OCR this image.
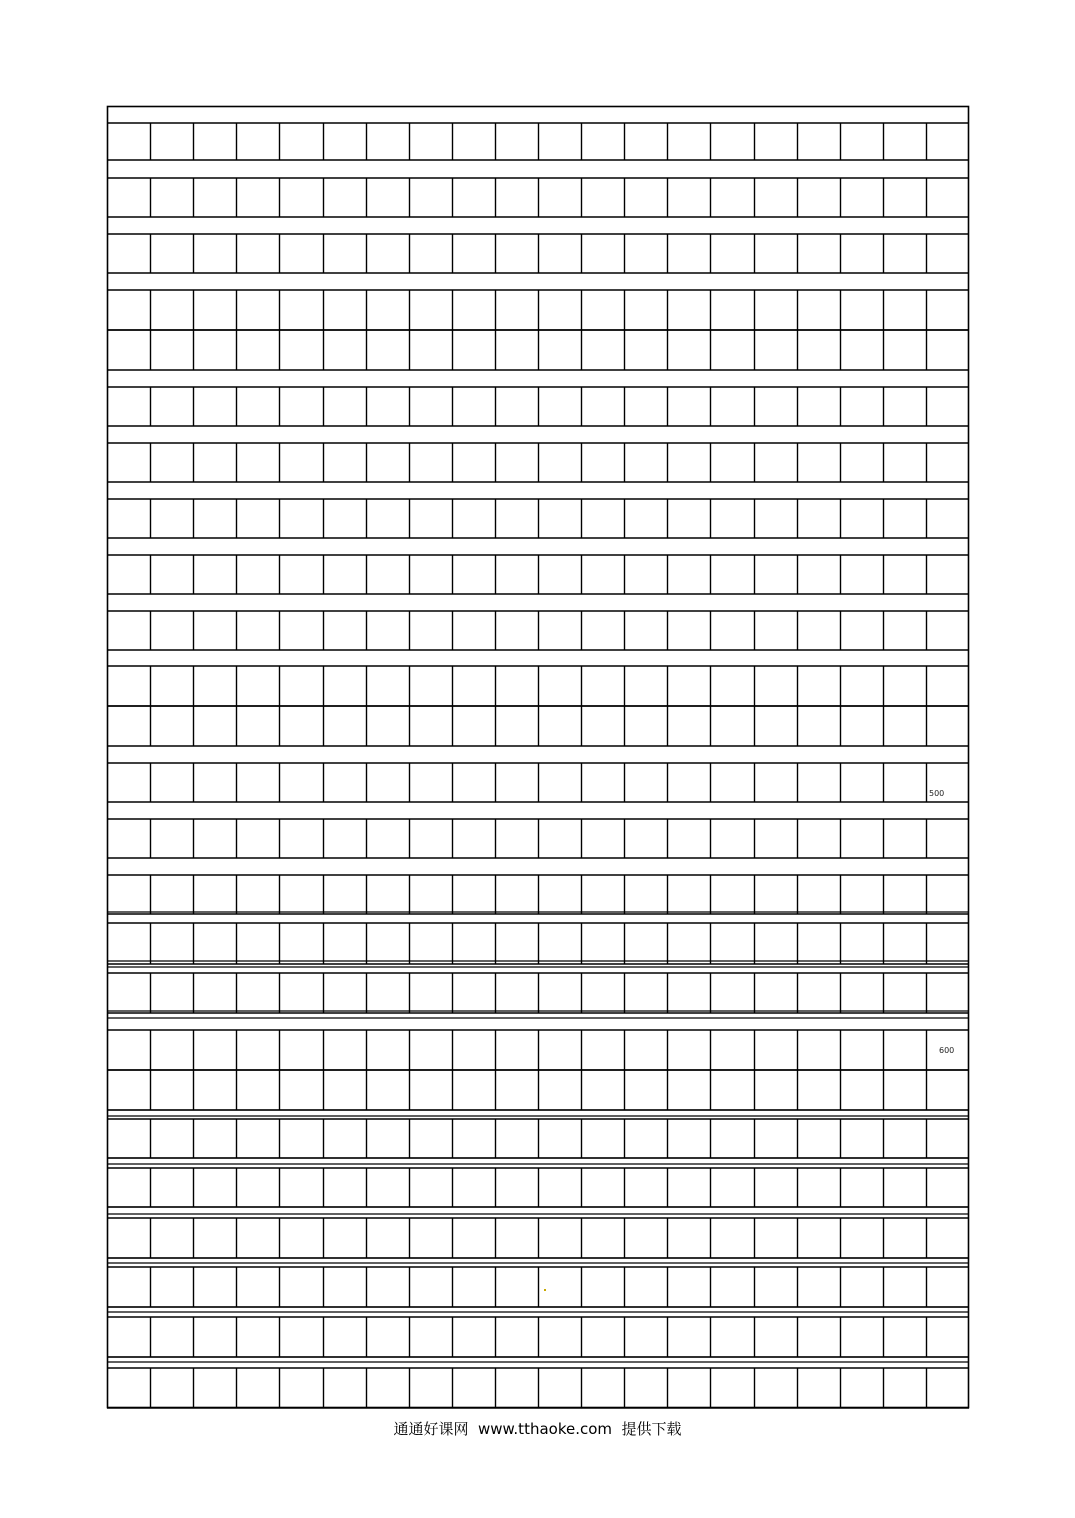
500
600
通通好课网  www.tthaoke.com  提供下载
